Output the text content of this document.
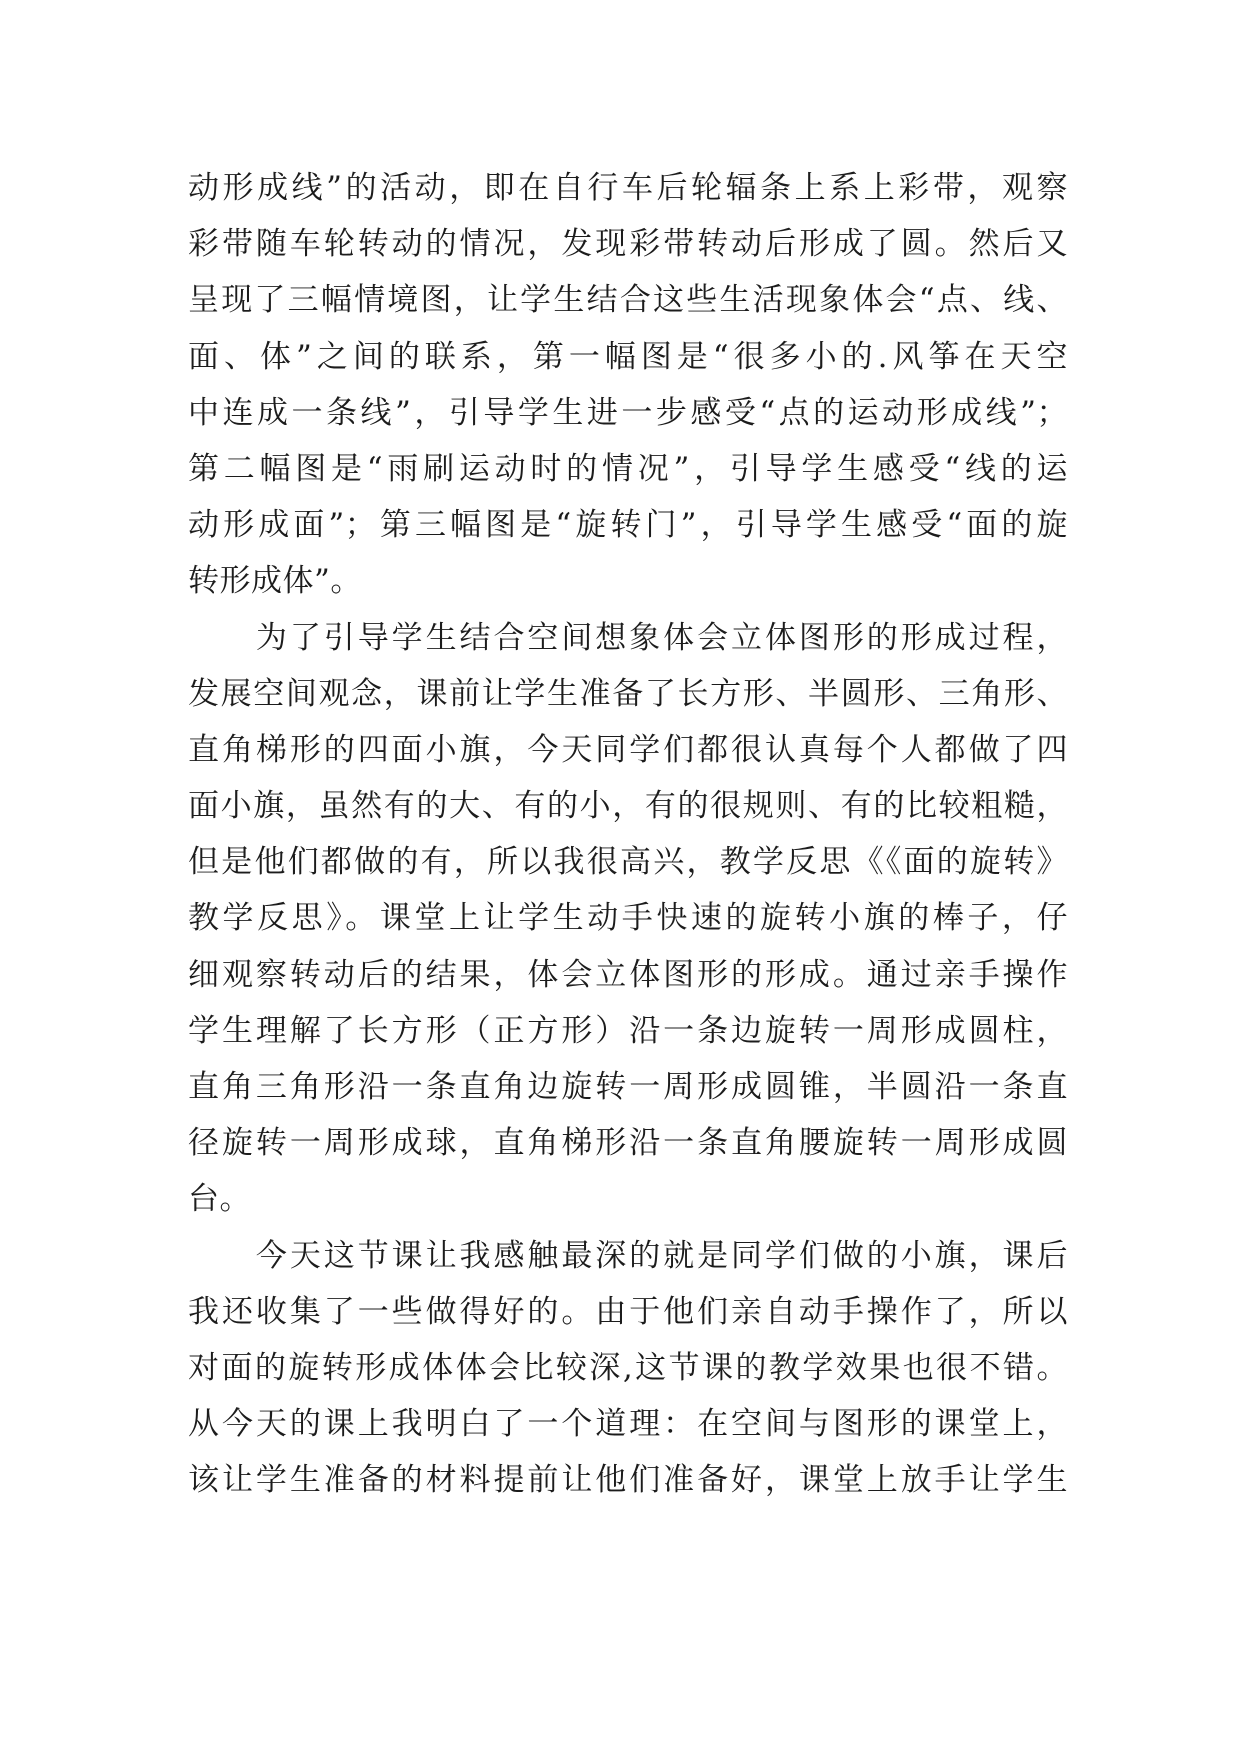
动形成线”的活动，即在自行车后轮辐条上系上彩带，观察
彩带随车轮转动的情况，发现彩带转动后形成了圆。然后又
呈现了三幅情境图，让学生结合这些生活现象体会“点、线、
面、体”之间的联系，第一幅图是“很多小的.风筝在天空
中连成一条线”，引导学生进一步感受“点的运动形成线”；
第二幅图是“雨刷运动时的情况”，引导学生感受“线的运
动形成面”；第三幅图是“旋转门”，引导学生感受“面的旋
转形成体”。
　　为了引导学生结合空间想象体会立体图形的形成过程，
发展空间观念，课前让学生准备了长方形、半圆形、三角形、
直角梯形的四面小旗，今天同学们都很认真每个人都做了四
面小旗，虽然有的大、有的小，有的很规则、有的比较粗糙，
但是他们都做的有，所以我很高兴，教学反思《《面的旋转》
教学反思》。课堂上让学生动手快速的旋转小旗的棒子，仔
细观察转动后的结果，体会立体图形的形成。通过亲手操作
学生理解了长方形（正方形）沿一条边旋转一周形成圆柱，
直角三角形沿一条直角边旋转一周形成圆锥，半圆沿一条直
径旋转一周形成球，直角梯形沿一条直角腰旋转一周形成圆
台。
　　今天这节课让我感触最深的就是同学们做的小旗，课后
我还收集了一些做得好的。由于他们亲自动手操作了，所以
对面的旋转形成体体会比较深,这节课的教学效果也很不错。
从今天的课上我明白了一个道理：在空间与图形的课堂上，
该让学生准备的材料提前让他们准备好，课堂上放手让学生
